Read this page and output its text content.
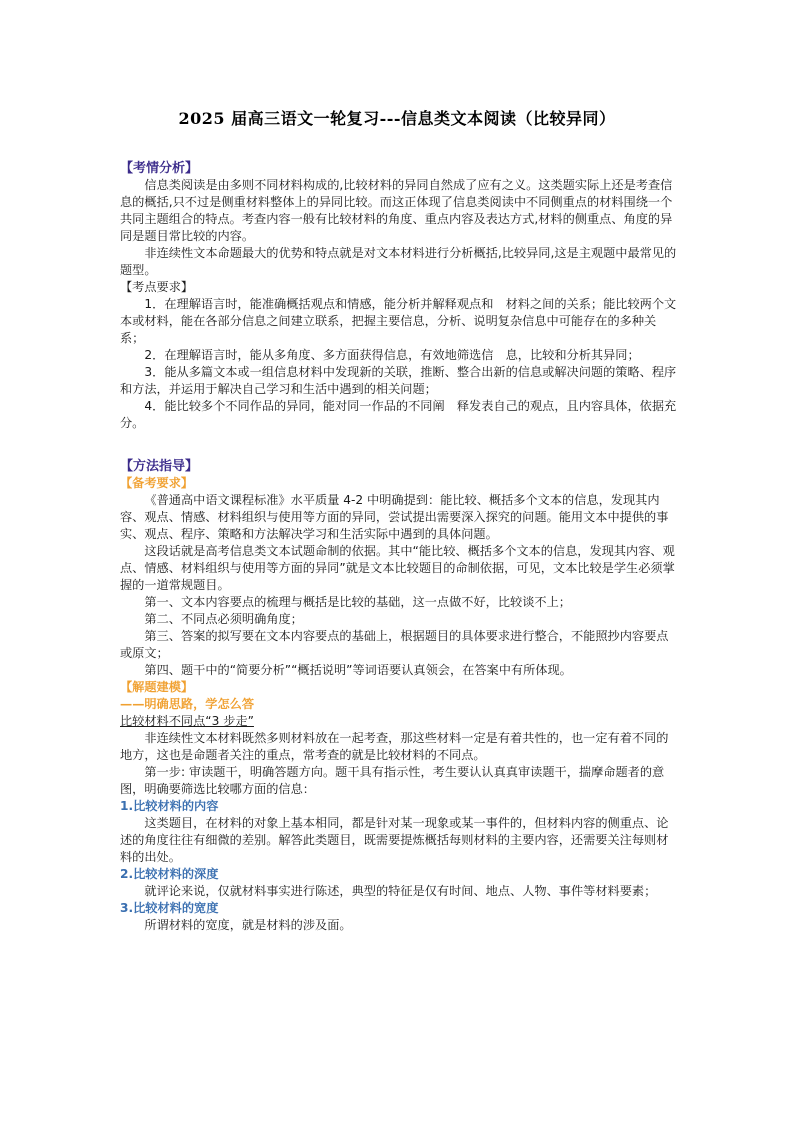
2025 届高三语文一轮复习---信息类文本阅读（比较异同）

【考情分析】

信息类阅读是由多则不同材料构成的,比较材料的异同自然成了应有之义。这类题实际上还是考查信息的概括,只不过是侧重材料整体上的异同比较。而这正体现了信息类阅读中不同侧重点的材料围绕一个共同主题组合的特点。考查内容一般有比较材料的角度、重点内容及表达方式,材料的侧重点、角度的异同是题目常比较的内容。

非连续性文本命题最大的优势和特点就是对文本材料进行分析概括,比较异同,这是主观题中最常见的题型。

【考点要求】

1．在理解语言时，能准确概括观点和情感，能分析并解释观点和　材料之间的关系；能比较两个文本或材料，能在各部分信息之间建立联系，把握主要信息，分析、说明复杂信息中可能存在的多种关系；

2．在理解语言时，能从多角度、多方面获得信息，有效地筛选信　息，比较和分析其异同；

3．能从多篇文本或一组信息材料中发现新的关联，推断、整合出新的信息或解决问题的策略、程序和方法，并运用于解决自己学习和生活中遇到的相关问题；

4．能比较多个不同作品的异同，能对同一作品的不同阐　释发表自己的观点，且内容具体，依据充分。

【方法指导】

【备考要求】

《普通高中语文课程标准》水平质量 4-2 中明确提到：能比较、概括多个文本的信息，发现其内容、观点、情感、材料组织与使用等方面的异同，尝试提出需要深入探究的问题。能用文本中提供的事实、观点、程序、策略和方法解决学习和生活实际中遇到的具体问题。

这段话就是高考信息类文本试题命制的依据。其中“能比较、概括多个文本的信息，发现其内容、观点、情感、材料组织与使用等方面的异同”就是文本比较题目的命制依据，可见，文本比较是学生必须掌握的一道常规题目。

第一、文本内容要点的梳理与概括是比较的基础，这一点做不好，比较谈不上；

第二、不同点必须明确角度；

第三、答案的拟写要在文本内容要点的基础上，根据题目的具体要求进行整合，不能照抄内容要点或原文；

第四、题干中的“简要分析”“概括说明”等词语要认真领会，在答案中有所体现。

【解题建模】

——明确思路，学怎么答

比较材料不同点“3 步走”

非连续性文本材料既然多则材料放在一起考查，那这些材料一定是有着共性的，也一定有着不同的地方，这也是命题者关注的重点，常考查的就是比较材料的不同点。

第一步: 审读题干，明确答题方向。题干具有指示性，考生要认认真真审读题干，揣摩命题者的意图，明确要筛选比较哪方面的信息：

1.比较材料的内容

这类题目，在材料的对象上基本相同，都是针对某一现象或某一事件的，但材料内容的侧重点、论述的角度往往有细微的差别。解答此类题目，既需要提炼概括每则材料的主要内容，还需要关注每则材料的出处。

2.比较材料的深度

就评论来说，仅就材料事实进行陈述，典型的特征是仅有时间、地点、人物、事件等材料要素；

3.比较材料的宽度

所谓材料的宽度，就是材料的涉及面。
